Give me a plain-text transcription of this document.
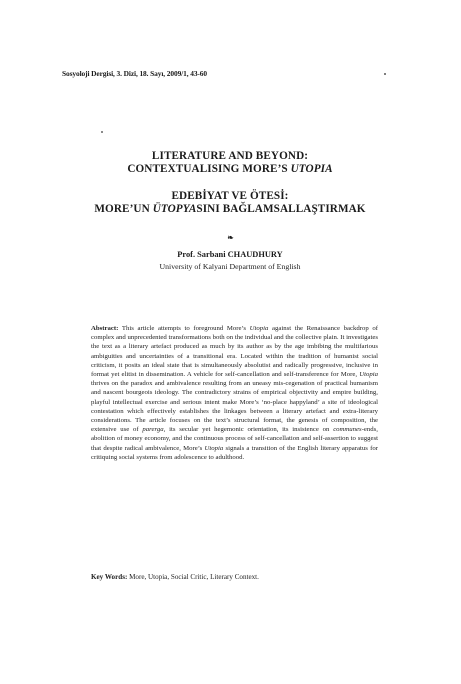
Sosyoloji Dergisi, 3. Dizi, 18. Sayı, 2009/1, 43-60
LITERATURE AND BEYOND:
CONTEXTUALISING MORE’S UTOPIA
EDEBİYAT VE ÖTESİ:
MORE’UN ÜTOPYASINI BAĞLAMSALLAŞTIRMAK
❧
Prof. Sarbani CHAUDHURY
University of Kalyani Department of English
Abstract: This article attempts to foreground More’s Utopia against the Renaissance backdrop of complex and unprecedented transformations both on the individual and the collective plain. It investigates the text as a literary artefact produced as much by its author as by the age imbibing the multifarious ambiguities and uncertainties of a transitional era. Located within the tradition of humanist social criticism, it posits an ideal state that is simultaneously absolutist and radically progressive, inclusive in format yet elitist in dissemination. A vehicle for self-cancellation and self-transference for More, Utopia thrives on the paradox and ambivalence resulting from an uneasy mis-cegenation of practical humanism and nascent bourgeois ideology. The contradictory strains of empirical objectivity and empire building, playful intellectual exercise and serious intent make More’s ‘no-place happyland’ a site of ideological contestation which effectively establishes the linkages between a literary artefact and extra-literary considerations. The article focuses on the text’s structural format, the genesis of composition, the extensive use of parerga, its secular yet hegemonic orientation, its insistence on communes-ends, abolition of money economy, and the continuous process of self-cancellation and self-assertion to suggest that despite radical ambivalence, More’s Utopia signals a transition of the English literary apparatus for critiquing social systems from adolescence to adulthood.
Key Words: More, Utopia, Social Critic, Literary Context.
